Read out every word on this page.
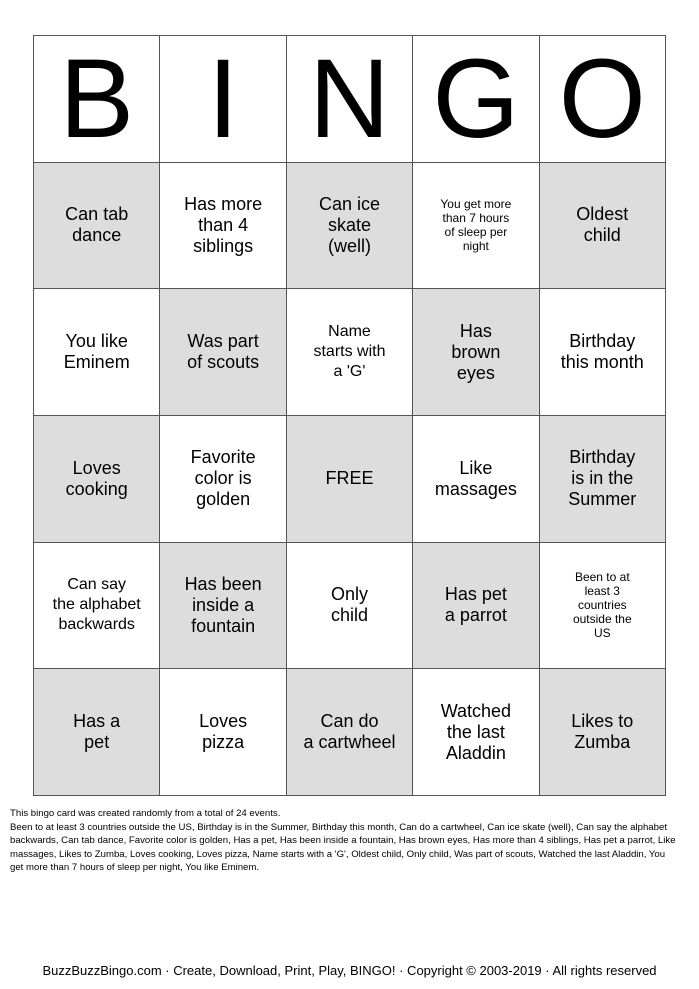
B I N G O
Can tab
dance
Has more
than 4
siblings
Can ice
skate
(well)
You get more
than 7 hours
of sleep per
night
Oldest
child
You like
Eminem
Was part
of scouts
Name
starts with
a 'G'
Has
brown
eyes
Birthday
this month
Loves
cooking
Favorite
color is
golden
FREE
Like
massages
Birthday
is in the
Summer
Can say
the alphabet
backwards
Has been
inside a
fountain
Only
child
Has pet
a parrot
Been to at
least 3
countries
outside the
US
Has a
pet
Loves
pizza
Can do
a cartwheel
Watched
the last
Aladdin
Likes to
Zumba
This bingo card was created randomly from a total of 24 events.
Been to at least 3 countries outside the US, Birthday is in the Summer, Birthday this month, Can do a cartwheel, Can ice skate (well), Can say the alphabet backwards, Can tab dance, Favorite color is golden, Has a pet, Has been inside a fountain, Has brown eyes, Has more than 4 siblings, Has pet a parrot, Like massages, Likes to Zumba, Loves cooking, Loves pizza, Name starts with a 'G', Oldest child, Only child, Was part of scouts, Watched the last Aladdin, You get more than 7 hours of sleep per night, You like Eminem.
BuzzBuzzBingo.com · Create, Download, Print, Play, BINGO! · Copyright © 2003-2019 · All rights reserved
